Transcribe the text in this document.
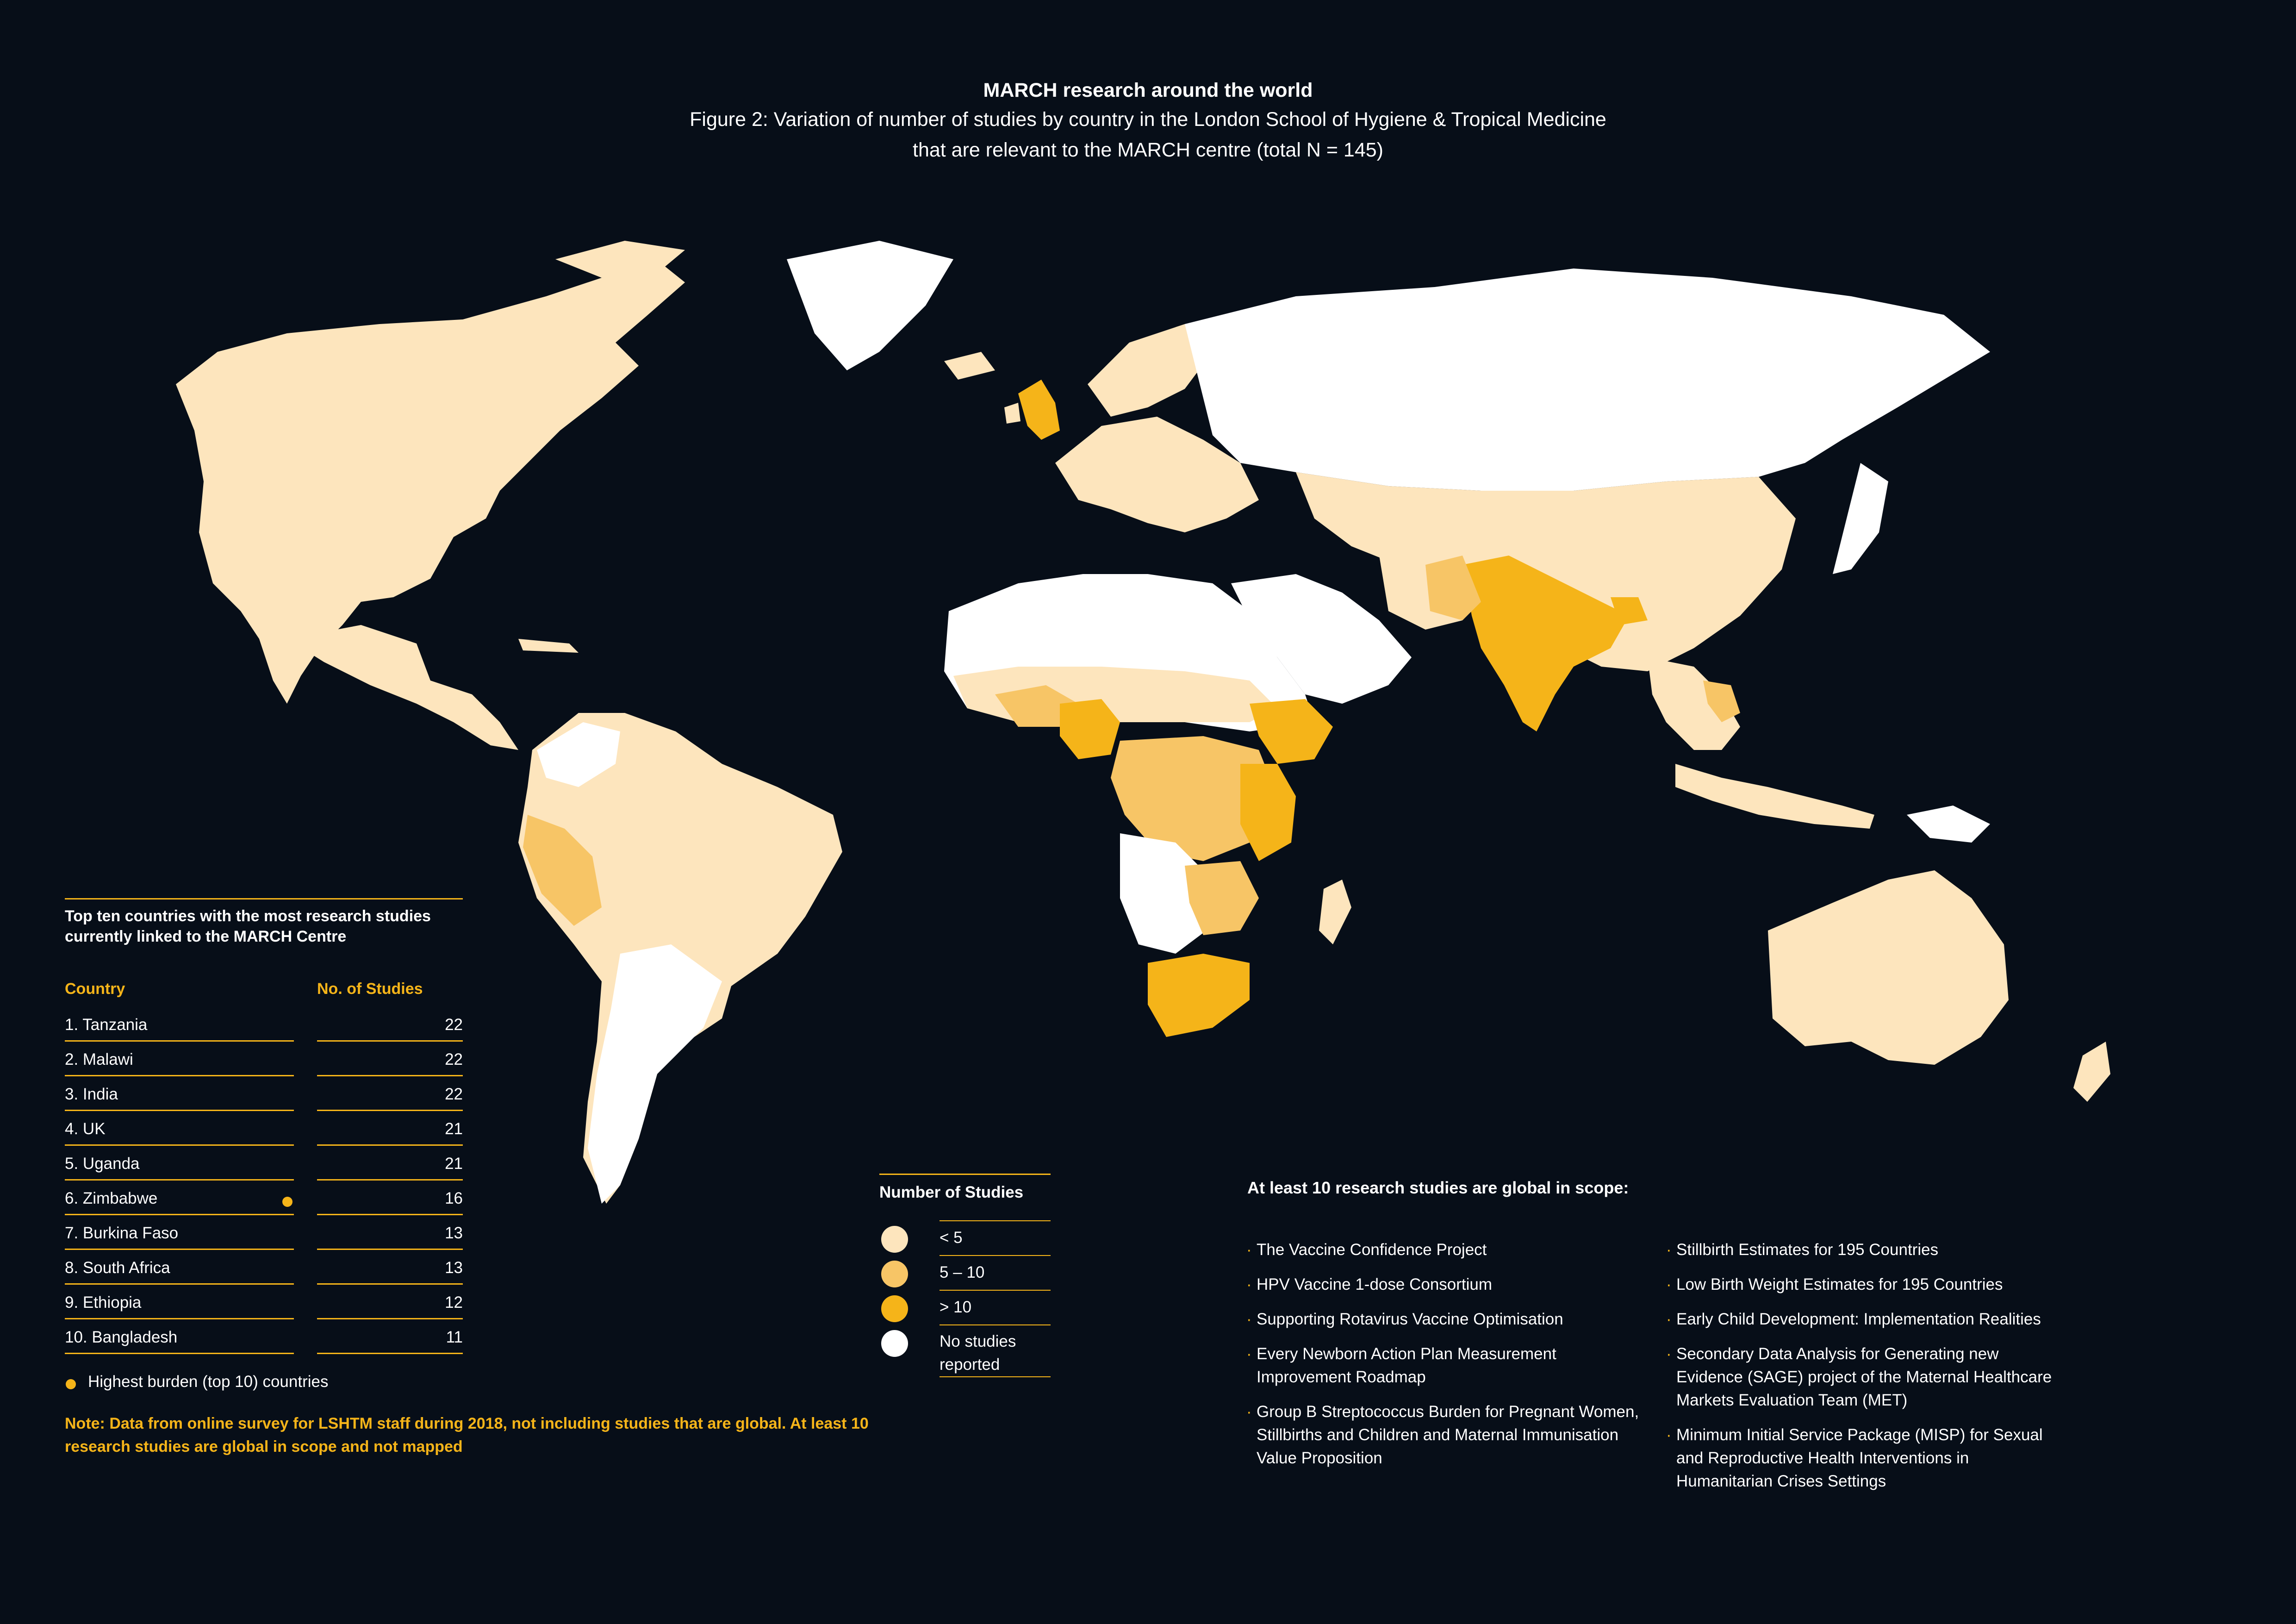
MARCH research around the world
Figure 2: Variation of number of studies by country in the London School of Hygiene & Tropical Medicine that are relevant to the MARCH centre (total N = 145)
Top ten countries with the most research studies currently linked to the MARCH Centre
Country	No. of Studies
1. Tanzania	22
2. Malawi	22
3. India	22
4. UK	21
5. Uganda	21
6. Zimbabwe	16
7. Burkina Faso	13
8. South Africa	13
9. Ethiopia	12
10. Bangladesh	11
Highest burden (top 10) countries
Note: Data from online survey for LSHTM staff during 2018, not including studies that are global. At least 10 research studies are global in scope and not mapped
Number of Studies
< 5
5 – 10
> 10
No studies reported
At least 10 research studies are global in scope:
· The Vaccine Confidence Project
· HPV Vaccine 1-dose Consortium
· Supporting Rotavirus Vaccine Optimisation
· Every Newborn Action Plan Measurement Improvement Roadmap
· Group B Streptococcus Burden for Pregnant Women, Stillbirths and Children and Maternal Immunisation Value Proposition
· Stillbirth Estimates for 195 Countries
· Low Birth Weight Estimates for 195 Countries
· Early Child Development: Implementation Realities
· Secondary Data Analysis for Generating new Evidence (SAGE) project of the Maternal Healthcare Markets Evaluation Team (MET)
· Minimum Initial Service Package (MISP) for Sexual and Reproductive Health Interventions in Humanitarian Crises Settings
